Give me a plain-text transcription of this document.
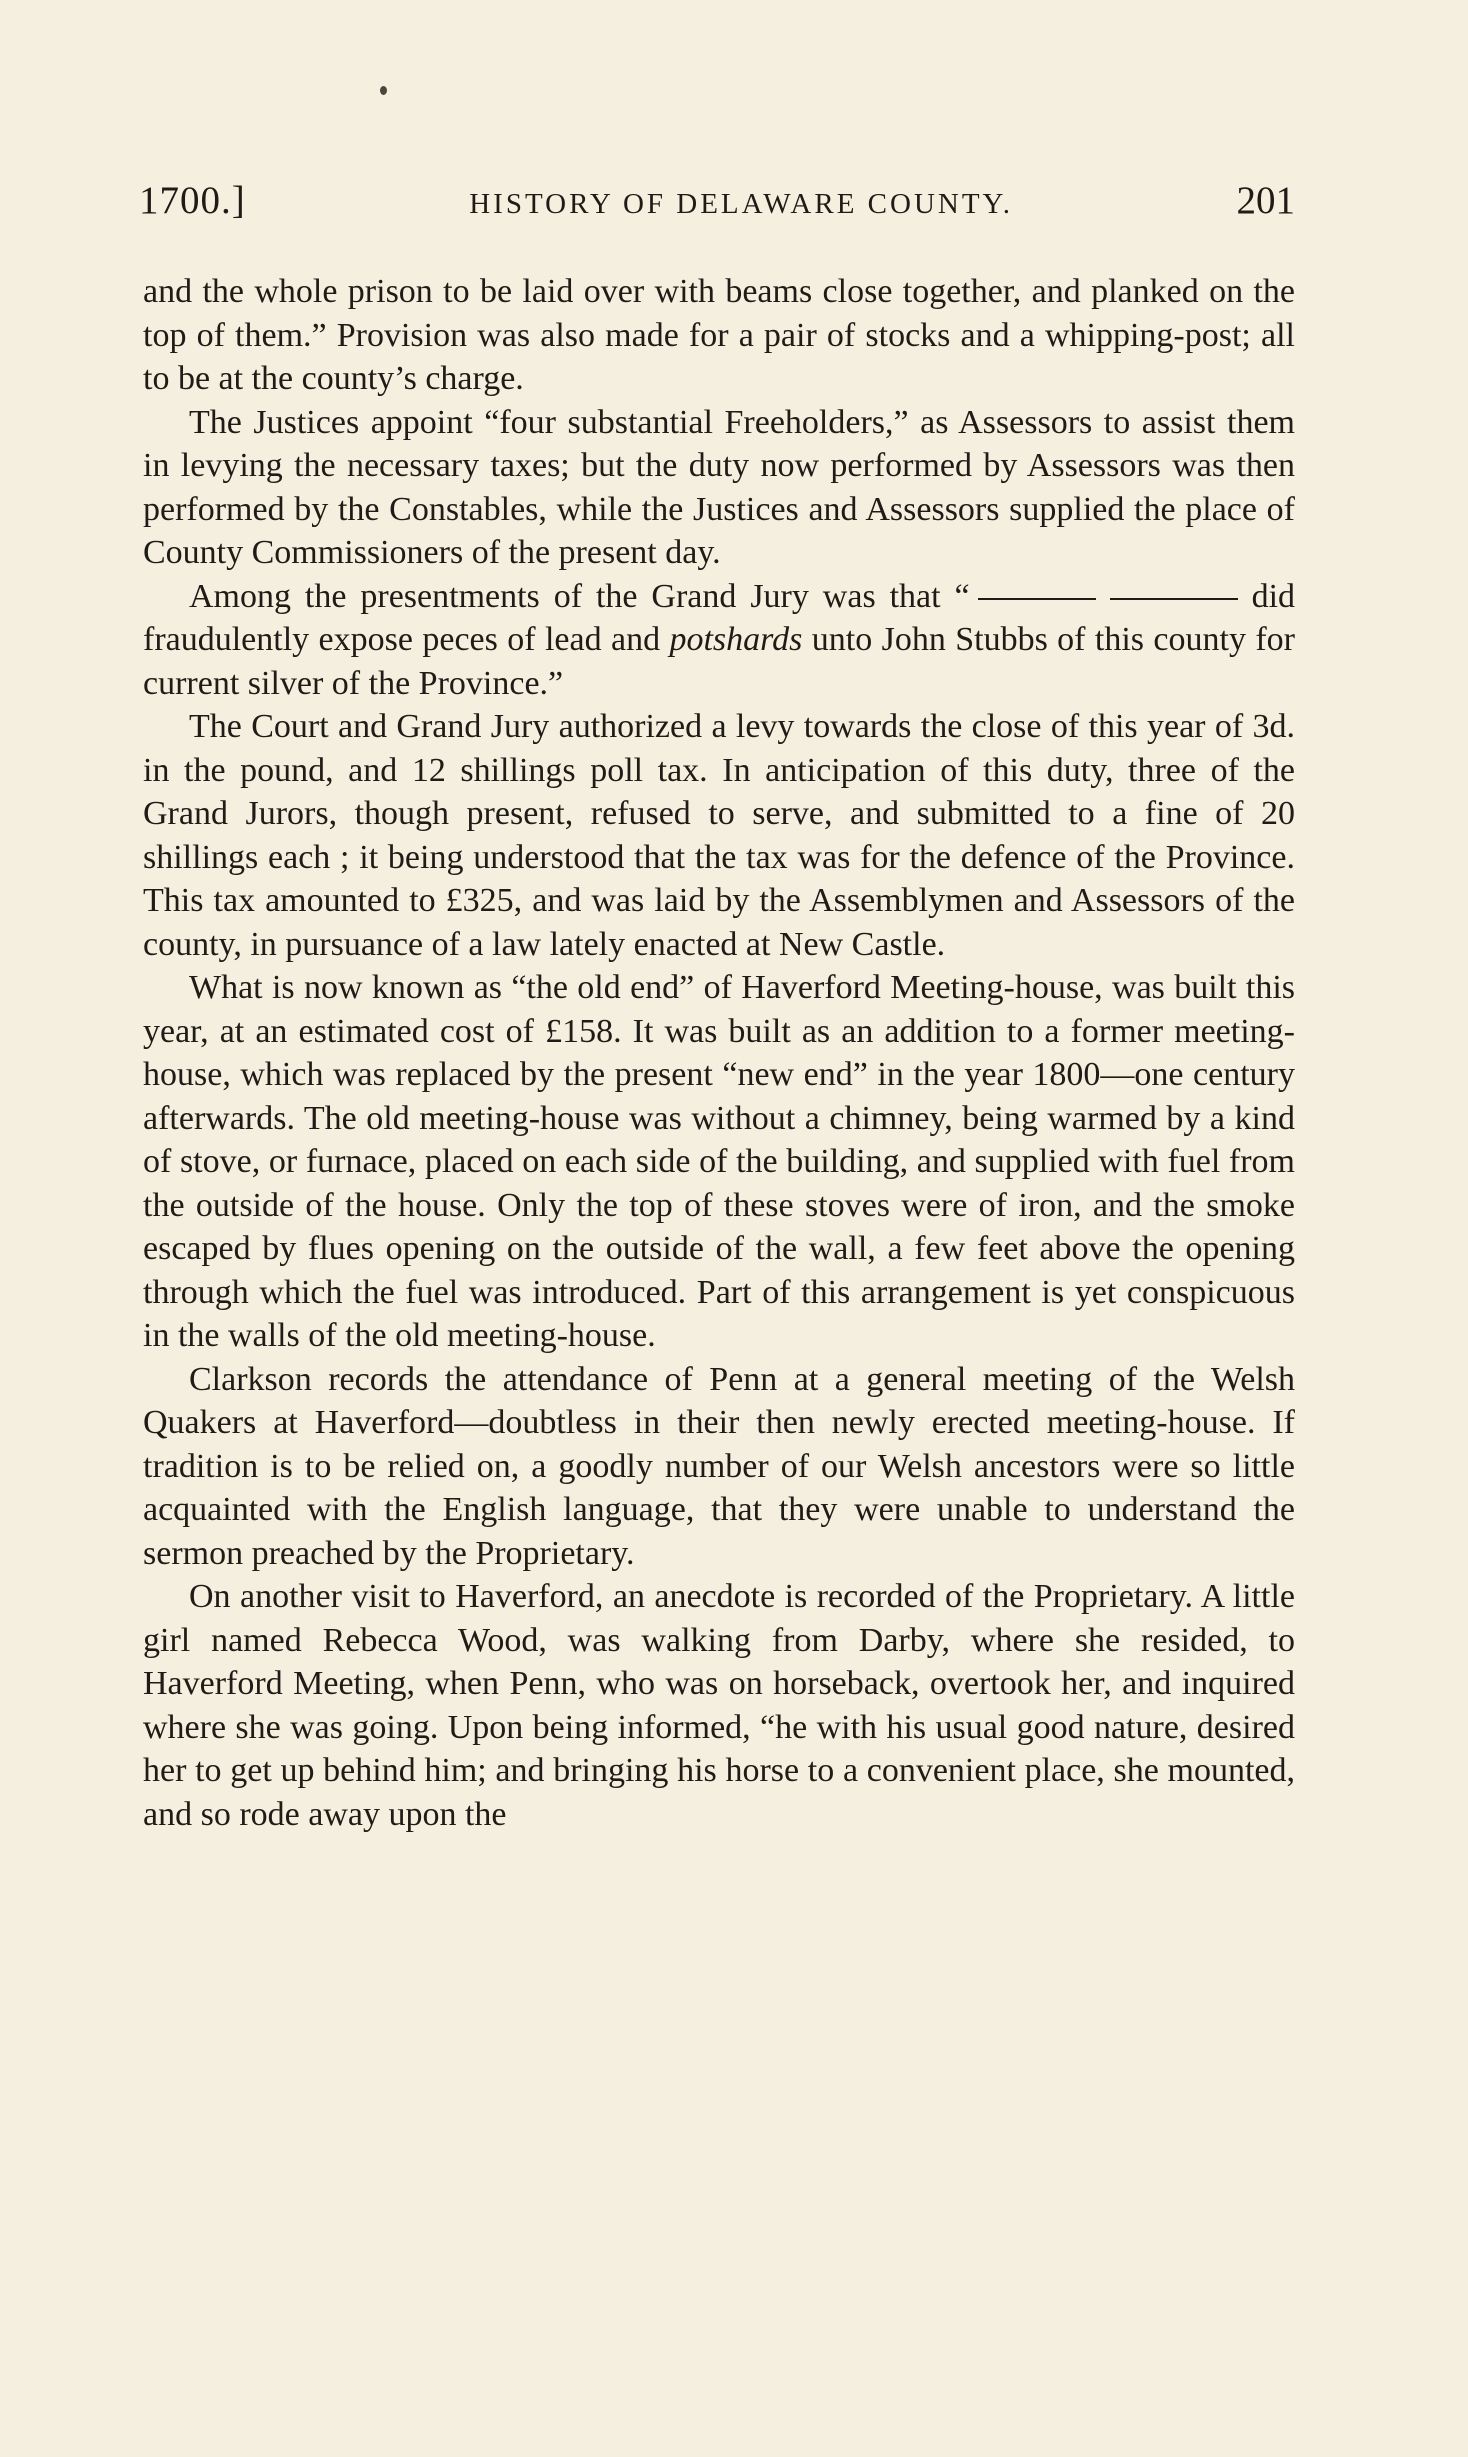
1700.]	HISTORY OF DELAWARE COUNTY.	201

and the whole prison to be laid over with beams close together, and planked on the top of them.” Provision was also made for a pair of stocks and a whipping-post; all to be at the county’s charge.

The Justices appoint “four substantial Freeholders,” as Assessors to assist them in levying the necessary taxes; but the duty now performed by Assessors was then performed by the Constables, while the Justices and Assessors supplied the place of County Commissioners of the present day.

Among the presentments of the Grand Jury was that “	did fraudulently expose peces of lead and potshards unto John Stubbs of this county for current silver of the Province.”

The Court and Grand Jury authorized a levy towards the close of this year of 3d. in the pound, and 12 shillings poll tax. In anticipation of this duty, three of the Grand Jurors, though present, refused to serve, and submitted to a fine of 20 shillings each ; it being understood that the tax was for the defence of the Province. This tax amounted to £325, and was laid by the Assemblymen and Assessors of the county, in pursuance of a law lately enacted at New Castle.

What is now known as “the old end” of Haverford Meeting-house, was built this year, at an estimated cost of £158. It was built as an addition to a former meeting-house, which was replaced by the present “new end” in the year 1800—one century afterwards. The old meeting-house was without a chimney, being warmed by a kind of stove, or furnace, placed on each side of the building, and supplied with fuel from the outside of the house. Only the top of these stoves were of iron, and the smoke escaped by flues opening on the outside of the wall, a few feet above the opening through which the fuel was introduced. Part of this arrangement is yet conspicuous in the walls of the old meeting-house.

Clarkson records the attendance of Penn at a general meeting of the Welsh Quakers at Haverford—doubtless in their then newly erected meeting-house. If tradition is to be relied on, a goodly number of our Welsh ancestors were so little acquainted with the English language, that they were unable to understand the sermon preached by the Proprietary.

On another visit to Haverford, an anecdote is recorded of the Proprietary. A little girl named Rebecca Wood, was walking from Darby, where she resided, to Haverford Meeting, when Penn, who was on horseback, overtook her, and inquired where she was going. Upon being informed, “he with his usual good nature, desired her to get up behind him; and bringing his horse to a convenient place, she mounted, and so rode away upon the
